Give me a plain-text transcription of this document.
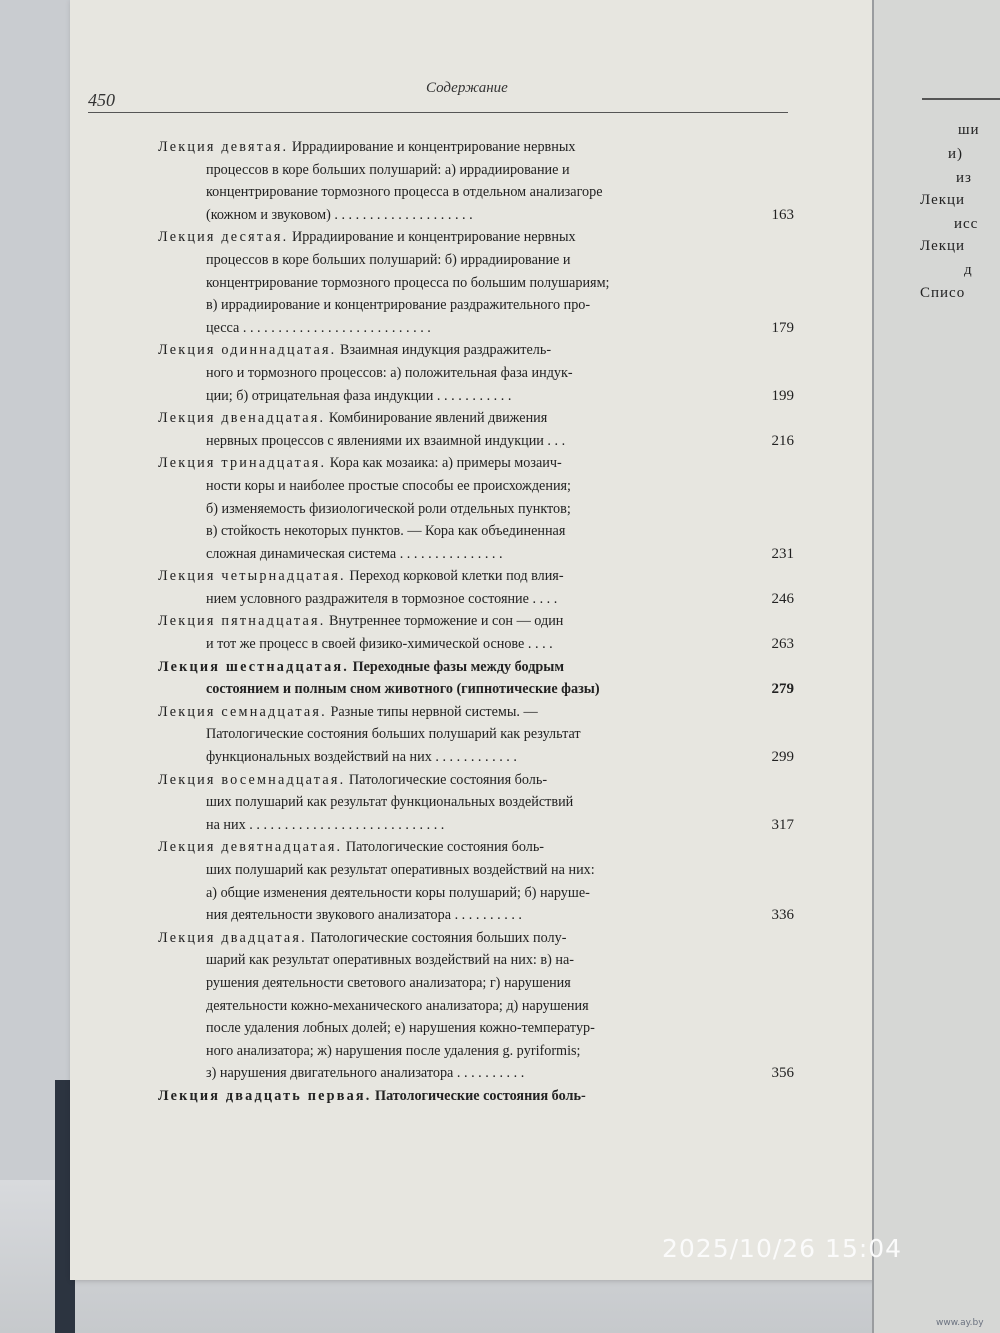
450
Содержание
Лекция девятая. Иррадиирование и концентрирование нервных
процессов в коре больших полушарий: а) иррадиирование и
концентрирование тормозного процесса в отдельном анализагоре
(кожном и звуковом) . . . . . . . . . . . . . . . . . . . .	163
Лекция десятая. Иррадиирование и концентрирование нервных
процессов в коре больших полушарий: б) иррадиирование и
концентрирование тормозного процесса по большим полушариям;
в) иррадиирование и концентрирование раздражительного про-
цесса . . . . . . . . . . . . . . . . . . . . . . . . . . .	179
Лекция одиннадцатая. Взаимная индукция раздражитель-
ного и тормозного процессов: а) положительная фаза индук-
ции; б) отрицательная фаза индукции . . . . . . . . . . .	199
Лекция двенадцатая. Комбинирование явлений движения
нервных процессов с явлениями их взаимной индукции . . .	216
Лекция тринадцатая. Кора как мозаика: а) примеры мозаич-
ности коры и наиболее простые способы ее происхождения;
б) изменяемость физиологической роли отдельных пунктов;
в) стойкость некоторых пунктов. — Кора как объединенная
сложная динамическая система . . . . . . . . . . . . . . .	231
Лекция четырнадцатая. Переход корковой клетки под влия-
нием условного раздражителя в тормозное состояние . . . .	246
Лекция пятнадцатая. Внутреннее торможение и сон — один
и тот же процесс в своей физико-химической основе . . . .	263
Лекция шестнадцатая. Переходные фазы между бодрым
состоянием и полным сном животного (гипнотические фазы)	279
Лекция семнадцатая. Разные типы нервной системы. —
Патологические состояния больших полушарий как результат
функциональных воздействий на них . . . . . . . . . . . .	299
Лекция восемнадцатая. Патологические состояния боль-
ших полушарий как результат функциональных воздействий
на них . . . . . . . . . . . . . . . . . . . . . . . . . . . .	317
Лекция девятнадцатая. Патологические состояния боль-
ших полушарий как результат оперативных воздействий на них:
а) общие изменения деятельности коры полушарий; б) наруше-
ния деятельности звукового анализатора . . . . . . . . . .	336
Лекция двадцатая. Патологические состояния больших полу-
шарий как результат оперативных воздействий на них: в) на-
рушения деятельности светового анализатора; г) нарушения
деятельности кожно-механического анализатора; д) нарушения
после удаления лобных долей; е) нарушения кожно-температур-
ного анализатора; ж) нарушения после удаления g. pyriformis;
з) нарушения двигательного анализатора . . . . . . . . . .	356
Лекция двадцать первая. Патологические состояния боль-
ши
и)
из
Лекци
исс
Лекци
д
Списо
2025/10/26 15:04
www.ay.by
